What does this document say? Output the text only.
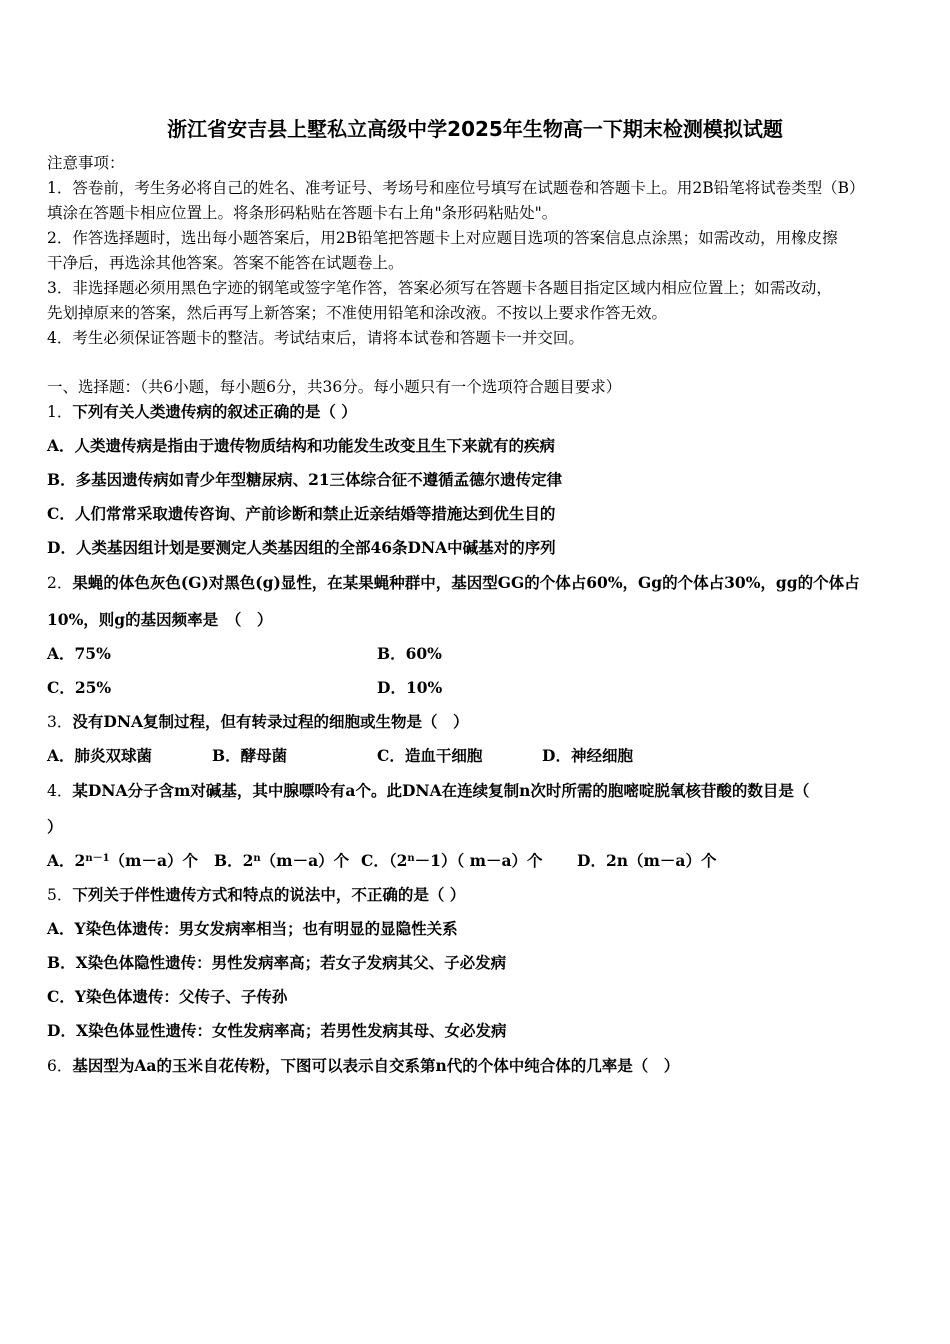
浙江省安吉县上墅私立高级中学2025年生物高一下期末检测模拟试题
注意事项：
1．答卷前，考生务必将自己的姓名、准考证号、考场号和座位号填写在试题卷和答题卡上。用2B铅笔将试卷类型（B）
填涂在答题卡相应位置上。将条形码粘贴在答题卡右上角"条形码粘贴处"。
2．作答选择题时，选出每小题答案后，用2B铅笔把答题卡上对应题目选项的答案信息点涂黑；如需改动，用橡皮擦
干净后，再选涂其他答案。答案不能答在试题卷上。
3．非选择题必须用黑色字迹的钢笔或签字笔作答，答案必须写在答题卡各题目指定区域内相应位置上；如需改动，
先划掉原来的答案，然后再写上新答案；不准使用铅笔和涂改液。不按以上要求作答无效。
4．考生必须保证答题卡的整洁。考试结束后，请将本试卷和答题卡一并交回。
一、选择题：（共6小题，每小题6分，共36分。每小题只有一个选项符合题目要求）
1．下列有关人类遗传病的叙述正确的是（ ）
A．人类遗传病是指由于遗传物质结构和功能发生改变且生下来就有的疾病
B．多基因遗传病如青少年型糖尿病、21三体综合征不遵循孟德尔遗传定律
C．人们常常采取遗传咨询、产前诊断和禁止近亲结婚等措施达到优生目的
D．人类基因组计划是要测定人类基因组的全部46条DNA中碱基对的序列
2．果蝇的体色灰色(G)对黑色(g)显性，在某果蝇种群中，基因型GG的个体占60%，Gg的个体占30%，gg的个体占
10%，则g的基因频率是　（　）
A．75%	B．60%
C．25%	D．10%
3．没有DNA复制过程，但有转录过程的细胞或生物是（　）
A．肺炎双球菌	B．酵母菌	C．造血干细胞	D．神经细胞
4．某DNA分子含m对碱基，其中腺嘌呤有a个。此DNA在连续复制n次时所需的胞嘧啶脱氧核苷酸的数目是（
）
A．$2^{n-1}(m-a)$个 B．$2^n(m-a)$个 C．$(2^n-1)$（ m－a）个 D．2n（m－a）个
5．下列关于伴性遗传方式和特点的说法中，不正确的是（ ）
A．Y染色体遗传：男女发病率相当；也有明显的显隐性关系
B．X染色体隐性遗传：男性发病率高；若女子发病其父、子必发病
C．Y染色体遗传：父传子、子传孙
D．X染色体显性遗传：女性发病率高；若男性发病其母、女必发病
6．基因型为Aa的玉米自花传粉，下图可以表示自交系第n代的个体中纯合体的几率是（　）
